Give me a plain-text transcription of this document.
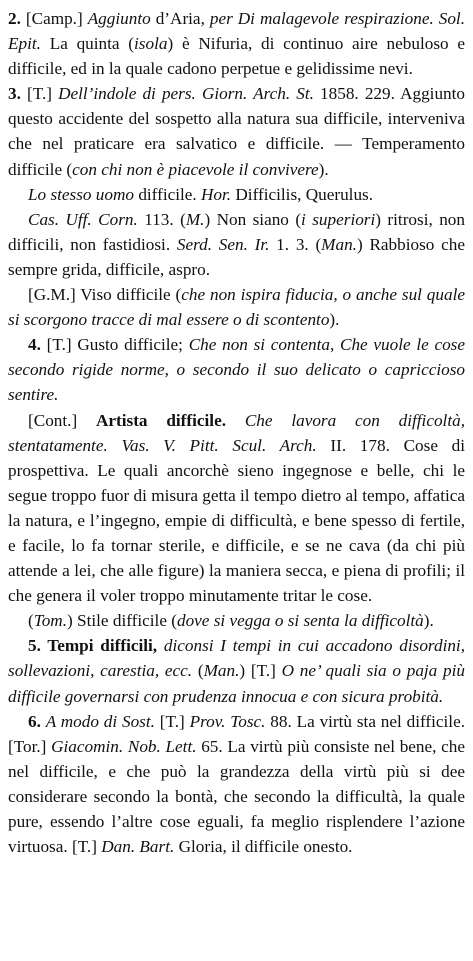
2. [Camp.] Aggiunto d’Aria, per Di malagevole respirazione. Sol. Epit. La quinta (isola) è Nifuria, di continuo aire nebuloso e difficile, ed in la quale cadono perpetue e gelidissime nevi.

3. [T.] Dell’indole di pers. Giorn. Arch. St. 1858. 229. Aggiunto questo accidente del sospetto alla natura sua difficile, interveniva che nel praticare era salvatico e difficile. — Temperamento difficile (con chi non è piacevole il convivere).

Lo stesso uomo difficile. Hor. Difficilis, Querulus.

Cas. Uff. Corn. 113. (M.) Non siano (i superiori) ritrosi, non difficili, non fastidiosi. Serd. Sen. Ir. 1. 3. (Man.) Rabbioso che sempre grida, difficile, aspro.

[G.M.] Viso difficile (che non ispira fiducia, o anche sul quale si scorgono tracce di mal essere o di scontento).

4. [T.] Gusto difficile; Che non si contenta, Che vuole le cose secondo rigide norme, o secondo il suo delicato o capriccioso sentire.

[Cont.] Artista difficile. Che lavora con difficoltà, stentatamente. Vas. V. Pitt. Scul. Arch. II. 178. Cose di prospettiva. Le quali ancorchè sieno ingegnose e belle, chi le segue troppo fuor di misura getta il tempo dietro al tempo, affatica la natura, e l’ingegno, empie di difficultà, e bene spesso di fertile, e facile, lo fa tornar sterile, e difficile, e se ne cava (da chi più attende a lei, che alle figure) la maniera secca, e piena di profili; il che genera il voler troppo minutamente tritar le cose.

(Tom.) Stile difficile (dove si vegga o si senta la difficoltà).

5. Tempi difficili, diconsi I tempi in cui accadono disordini, sollevazioni, carestia, ecc. (Man.) [T.] O ne’ quali sia o paja più difficile governarsi con prudenza innocua e con sicura probità.

6. A modo di Sost. [T.] Prov. Tosc. 88. La virtù sta nel difficile. [Tor.] Giacomin. Nob. Lett. 65. La virtù più consiste nel bene, che nel difficile, e che può la grandezza della virtù più si dee considerare secondo la bontà, che secondo la difficultà, la quale pure, essendo l’altre cose eguali, fa meglio risplendere l’azione virtuosa. [T.] Dan. Bart. Gloria, il difficile onesto.
